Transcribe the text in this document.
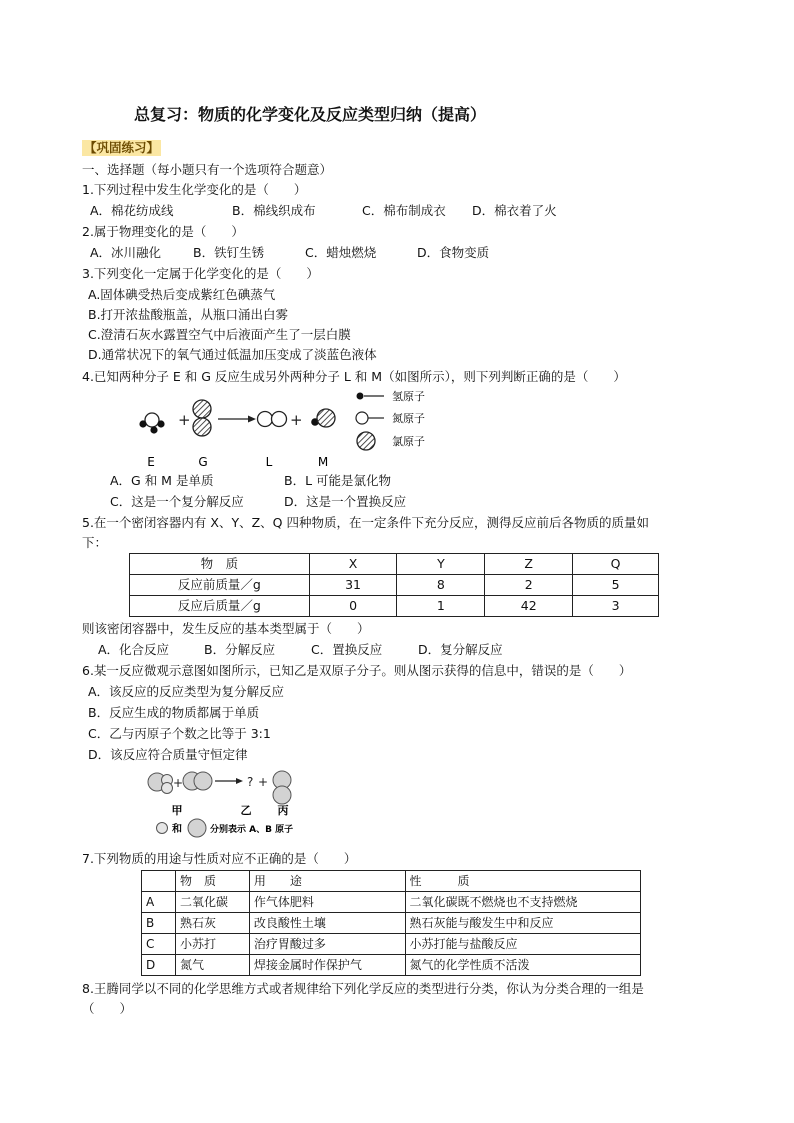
总复习：物质的化学变化及反应类型归纳（提高）
【巩固练习】
一、选择题（每小题只有一个选项符合题意）
1.下列过程中发生化学变化的是（　　）
A．棉花纺成线	B．棉线织成布	C．棉布制成衣 D．棉衣着了火
2.属于物理变化的是（　　）
A．冰川融化	B．铁钉生锈	C．蜡烛燃烧	D．食物变质
3.下列变化一定属于化学变化的是（　　）
A.固体碘受热后变成紫红色碘蒸气
B.打开浓盐酸瓶盖，从瓶口涌出白雾
C.澄清石灰水露置空气中后液面产生了一层白膜
D.通常状况下的氧气通过低温加压变成了淡蓝色液体
4.已知两种分子 E 和 G 反应生成另外两种分子 L 和 M（如图所示），则下列判断正确的是（　　）
+	+
E	G	L	M
氢原子
氮原子
氯原子
A．G 和 M 是单质	B．L 可能是氯化物
C．这是一个复分解反应	D．这是一个置换反应
5.在一个密闭容器内有 X、Y、Z、Q 四种物质，在一定条件下充分反应，测得反应前后各物质的质量如
下：
物　质	X	Y	Z	Q
反应前质量／g	31	8	2	5
反应后质量／g	0	1	42	3
则该密闭容器中，发生反应的基本类型属于（　　）
A．化合反应	B．分解反应	C．置换反应	D．复分解反应
6.某一反应微观示意图如图所示，已知乙是双原子分子。则从图示获得的信息中，错误的是（　　）
A．该反应的反应类型为复分解反应
B．反应生成的物质都属于单质
C．乙与丙原子个数之比等于 3:1
D．该反应符合质量守恒定律
+	? +
甲	乙 丙
和	分别表示 A、B 原子
7.下列物质的用途与性质对应不正确的是（　　）
	物　质	用　　途	性　　　质
A	二氧化碳	作气体肥料	二氧化碳既不燃烧也不支持燃烧
B	熟石灰	改良酸性土壤	熟石灰能与酸发生中和反应
C	小苏打	治疗胃酸过多	小苏打能与盐酸反应
D	氮气	焊接金属时作保护气	氮气的化学性质不活泼
8.王腾同学以不同的化学思维方式或者规律给下列化学反应的类型进行分类，你认为分类合理的一组是
（　　）
